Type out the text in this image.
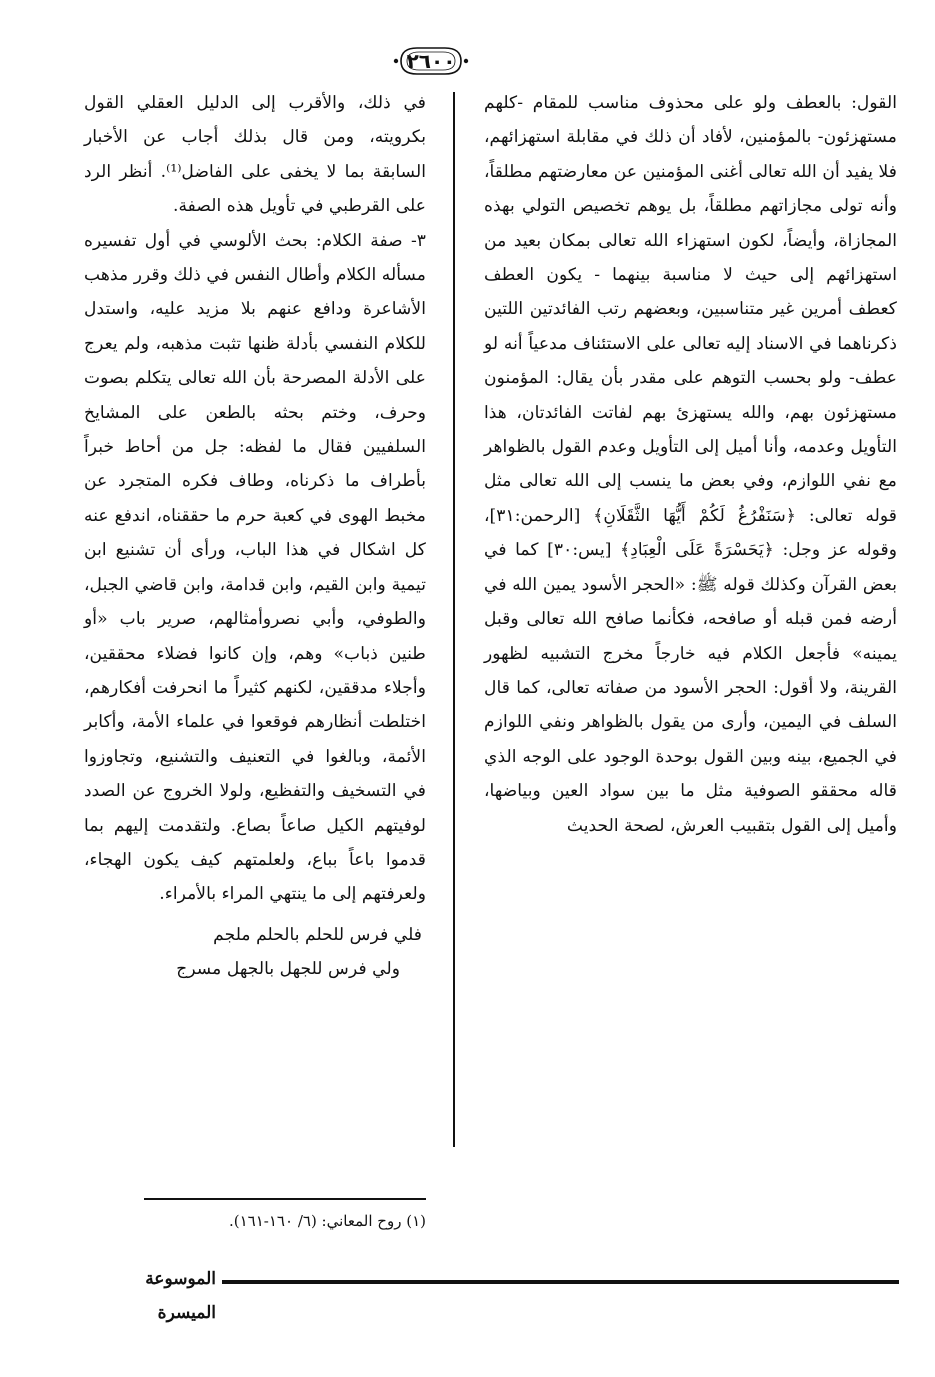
٢٦٠٠

القول: بالعطف ولو على محذوف مناسب للمقام -كلهم مستهزئون- بالمؤمنين، لأفاد أن ذلك في مقابلة استهزائهم، فلا يفيد أن الله تعالى أغنى المؤمنين عن معارضتهم مطلقاً، وأنه تولى مجازاتهم مطلقاً، بل يوهم تخصيص التولي بهذه المجازاة، وأيضاً، لكون استهزاء الله تعالى بمكان بعيد من استهزائهم إلى حيث لا مناسبة بينهما - يكون العطف كعطف أمرين غير متناسبين، وبعضهم رتب الفائدتين اللتين ذكرناهما في الاسناد إليه تعالى على الاستئناف مدعياً أنه لو عطف- ولو بحسب التوهم على مقدر بأن يقال: المؤمنون مستهزئون بهم، والله يستهزئ بهم لفاتت الفائدتان، هذا التأويل وعدمه، وأنا أميل إلى التأويل وعدم القول بالظواهر مع نفي اللوازم، وفي بعض ما ينسب إلى الله تعالى مثل قوله تعالى: ﴿سَنَفْرُغُ لَكُمْ أَيُّهَا الثَّقَلَانِ﴾ [الرحمن:٣١]، وقوله عز وجل: ﴿يَحَسْرَةً عَلَى الْعِبَادِ﴾ [يس:٣٠] كما في بعض القرآن وكذلك قوله ﷺ: «الحجر الأسود يمين الله في أرضه فمن قبله أو صافحه، فكأنما صافح الله تعالى وقبل يمينه» فأجعل الكلام فيه خارجاً مخرج التشبيه لظهور القرينة، ولا أقول: الحجر الأسود من صفاته تعالى، كما قال السلف في اليمين، وأرى من يقول بالظواهر ونفي اللوازم في الجميع، بينه وبين القول بوحدة الوجود على الوجه الذي قاله محققو الصوفية مثل ما بين سواد العين وبياضها، وأميل إلى القول بتقبيب العرش، لصحة الحديث

في ذلك، والأقرب إلى الدليل العقلي القول بكرويته، ومن قال بذلك أجاب عن الأخبار السابقة بما لا يخفى على الفاضل⁽¹⁾. أنظر الرد على القرطبي في تأويل هذه الصفة.

٣- صفة الكلام: بحث الألوسي في أول تفسيره مسأله الكلام وأطال النفس في ذلك وقرر مذهب الأشاعرة ودافع عنهم بلا مزيد عليه، واستدل للكلام النفسي بأدلة ظنها تثبت مذهبه، ولم يعرج على الأدلة المصرحة بأن الله تعالى يتكلم بصوت وحرف، وختم بحثه بالطعن على المشايخ السلفيين فقال ما لفظه: جل من أحاط خبراً بأطراف ما ذكرناه، وطاف فكره المتجرد عن مخبط الهوى في كعبة حرم ما حققناه، اندفع عنه كل اشكال في هذا الباب، ورأى أن تشنيع ابن تيمية وابن القيم، وابن قدامة، وابن قاضي الجبل، والطوفي، وأبي نصروأمثالهم، صرير باب «أو طنين ذباب» وهم، وإن كانوا فضلاء محققين، وأجلاء مدققين، لكنهم كثيراً ما انحرفت أفكارهم، اختلطت أنظارهم فوقعوا في علماء الأمة، وأكابر الأئمة، وبالغوا في التعنيف والتشنيع، وتجاوزوا في التسخيف والتفظيع، ولولا الخروج عن الصدد لوفيتهم الكيل صاعاً بصاع. ولتقدمت إليهم بما قدموا باعاً بباع، ولعلمتهم كيف يكون الهجاء، ولعرفتهم إلى ما ينتهي المراء بالأمراء.

فلي فرس للحلم بالحلم ملجم
ولي فرس للجهل بالجهل مسرج
(١) روح المعاني: (٦/ ١٦٠-١٦١).
الموسوعة الميسرة
